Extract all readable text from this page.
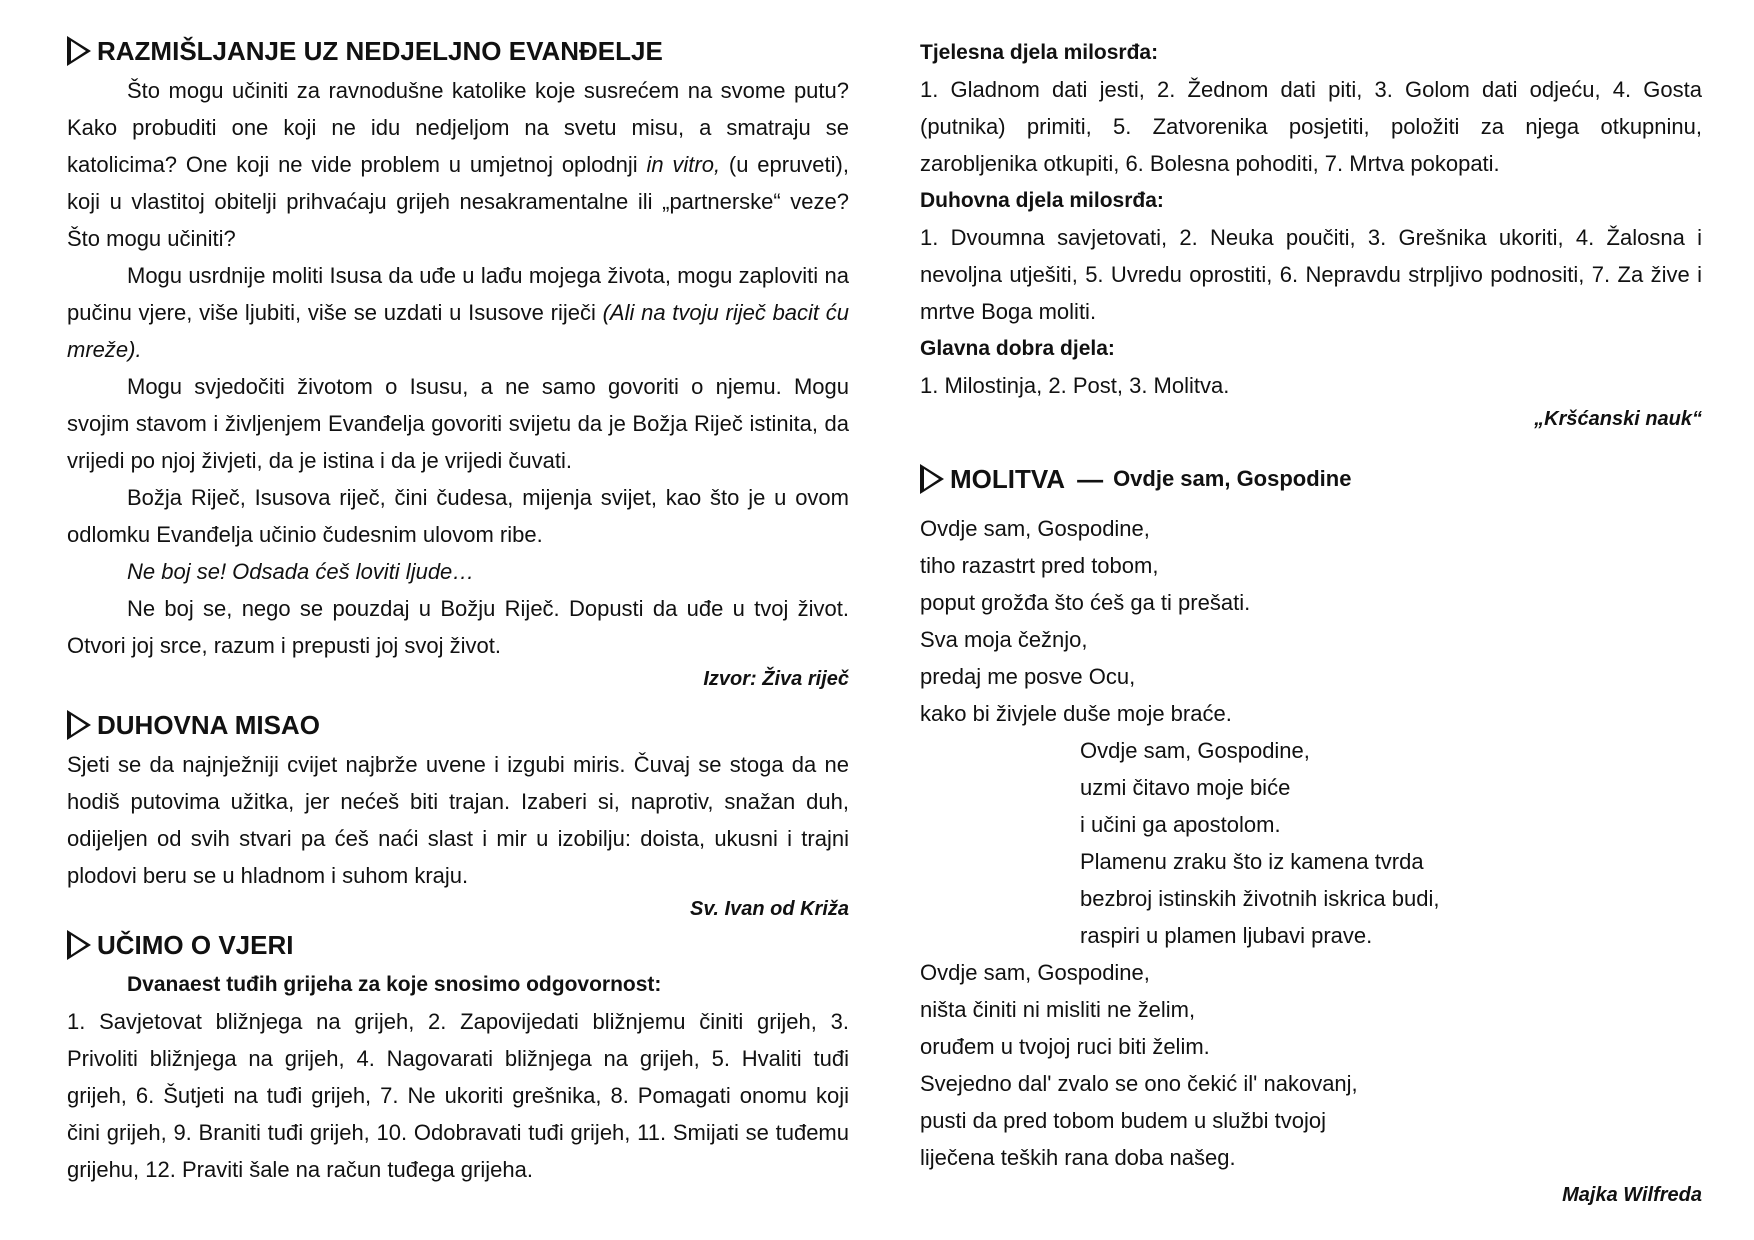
RAZMIŠLJANJE UZ NEDJELJNO EVANĐELJE

Što mogu učiniti za ravnodušne katolike koje susrećem na svome putu? Kako probuditi one koji ne idu nedjeljom na svetu misu, a smatraju se katolicima? One koji ne vide problem u umjetnoj oplodnji in vitro, (u epruveti), koji u vlastitoj obitelji prihvaćaju grijeh nesakramentalne ili „partnerske“ veze? Što mogu učiniti?

Mogu usrdnije moliti Isusa da uđe u lađu mojega života, mogu zaploviti na pučinu vjere, više ljubiti, više se uzdati u Isusove riječi (Ali na tvoju riječ bacit ću mreže).

Mogu svjedočiti životom o Isusu, a ne samo govoriti o njemu. Mogu svojim stavom i življenjem Evanđelja govoriti svijetu da je Božja Riječ istinita, da vrijedi po njoj živjeti, da je istina i da je vrijedi čuvati.

Božja Riječ, Isusova riječ, čini čudesa, mijenja svijet, kao što je u ovom odlomku Evanđelja učinio čudesnim ulovom ribe.

Ne boj se! Odsada ćeš loviti ljude…

Ne boj se, nego se pouzdaj u Božju Riječ. Dopusti da uđe u tvoj život. Otvori joj srce, razum i prepusti joj svoj život.

Izvor: Živa riječ
DUHOVNA MISAO

Sjeti se da najnježniji cvijet najbrže uvene i izgubi miris. Čuvaj se stoga da ne hodiš putovima užitka, jer nećeš biti trajan. Izaberi si, naprotiv, snažan duh, odijeljen od svih stvari pa ćeš naći slast i mir u izobilju: doista, ukusni i trajni plodovi beru se u hladnom i suhom kraju.

Sv. Ivan od Križa
UČIMO O VJERI

Dvanaest tuđih grijeha za koje snosimo odgovornost:

1. Savjetovat bližnjega na grijeh, 2. Zapovijedati bližnjemu činiti grijeh, 3. Privoliti bližnjega na grijeh, 4. Nagovarati bližnjega na grijeh, 5. Hvaliti tuđi grijeh, 6. Šutjeti na tuđi grijeh, 7. Ne ukoriti grešnika, 8. Pomagati onomu koji čini grijeh, 9. Braniti tuđi grijeh, 10. Odobravati tuđi grijeh, 11. Smijati se tuđemu grijehu, 12. Praviti šale na račun tuđega grijeha.

Tjelesna djela milosrđa:

1. Gladnom dati jesti, 2. Žednom dati piti, 3. Golom dati odjeću, 4. Gosta (putnika) primiti, 5. Zatvorenika posjetiti, položiti za njega otkupninu, zarobljenika otkupiti, 6. Bolesna pohoditi, 7. Mrtva pokopati.

Duhovna djela milosrđa:

1. Dvoumna savjetovati, 2. Neuka poučiti, 3. Grešnika ukoriti, 4. Žalosna i nevoljna utješiti, 5. Uvredu oprostiti, 6. Nepravdu strpljivo podnositi, 7. Za žive i mrtve Boga moliti.

Glavna dobra djela:

1. Milostinja, 2. Post, 3. Molitva.

„Kršćanski nauk“
MOLITVA — Ovdje sam, Gospodine
Ovdje sam, Gospodine,
tiho razastrt pred tobom,
poput grožđa što ćeš ga ti prešati.
Sva moja čežnjo,
predaj me posve Ocu,
kako bi živjele duše moje braće.
Ovdje sam, Gospodine,
uzmi čitavo moje biće
i učini ga apostolom.
Plamenu zraku što iz kamena tvrda
bezbroj istinskih životnih iskrica budi,
raspiri u plamen ljubavi prave.
Ovdje sam, Gospodine,
ništa činiti ni misliti ne želim,
oruđem u tvojoj ruci biti želim.
Svejedno dal' zvalo se ono čekić il' nakovanj,
pusti da pred tobom budem u službi tvojoj
liječena teških rana doba našeg.
Majka Wilfreda
